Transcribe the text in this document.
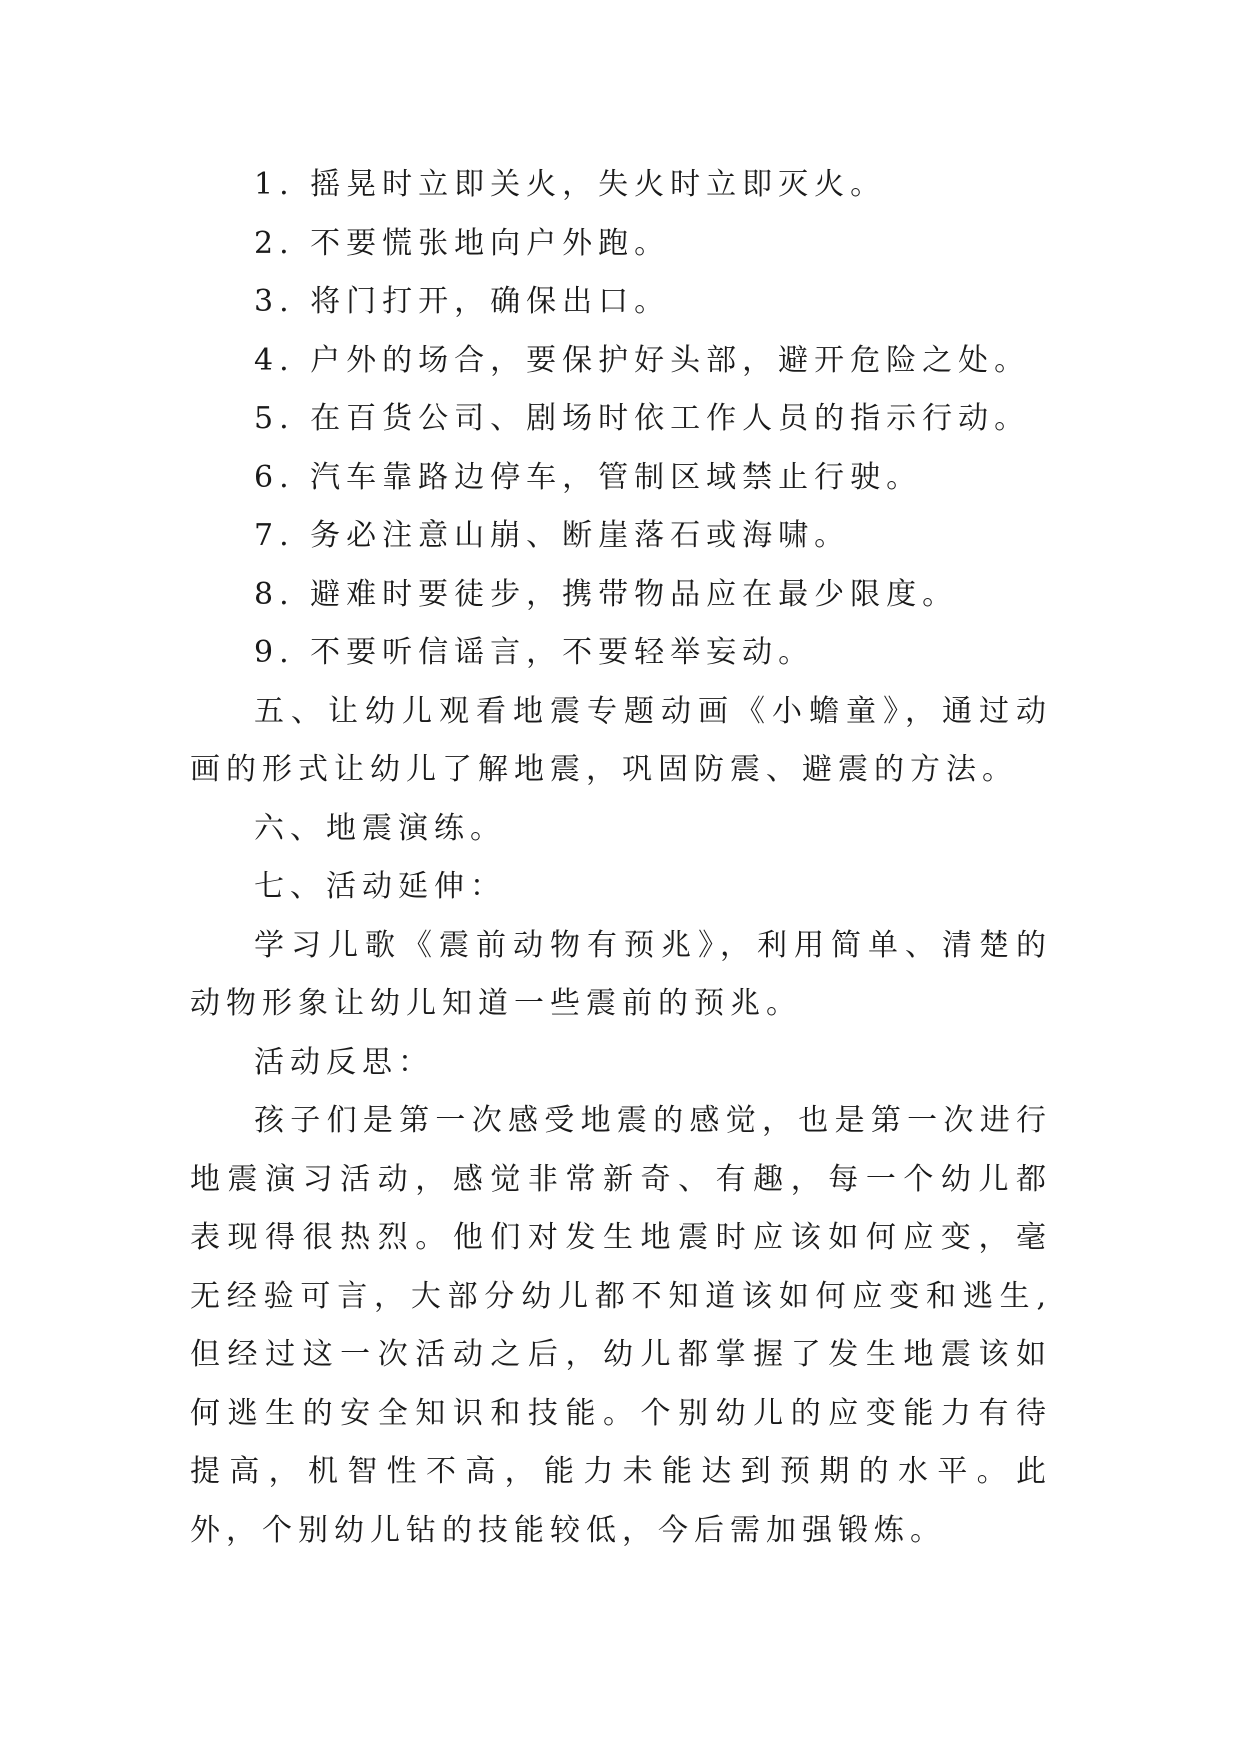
1. 摇晃时立即关火，失火时立即灭火。

2. 不要慌张地向户外跑。

3. 将门打开，确保出口。

4. 户外的场合，要保护好头部，避开危险之处。

5. 在百货公司、剧场时依工作人员的指示行动。

6. 汽车靠路边停车，管制区域禁止行驶。

7. 务必注意山崩、断崖落石或海啸。

8. 避难时要徒步，携带物品应在最少限度。

9. 不要听信谣言，不要轻举妄动。

五、让幼儿观看地震专题动画《小蟾童》，通过动画的形式让幼儿了解地震，巩固防震、避震的方法。

六、地震演练。

七、活动延伸：

学习儿歌《震前动物有预兆》，利用简单、清楚的动物形象让幼儿知道一些震前的预兆。

活动反思：

孩子们是第一次感受地震的感觉，也是第一次进行地震演习活动，感觉非常新奇、有趣，每一个幼儿都表现得很热烈。他们对发生地震时应该如何应变，毫无经验可言，大部分幼儿都不知道该如何应变和逃生,但经过这一次活动之后，幼儿都掌握了发生地震该如何逃生的安全知识和技能。个别幼儿的应变能力有待提高，机智性不高，能力未能达到预期的水平。此外，个别幼儿钻的技能较低，今后需加强锻炼。
